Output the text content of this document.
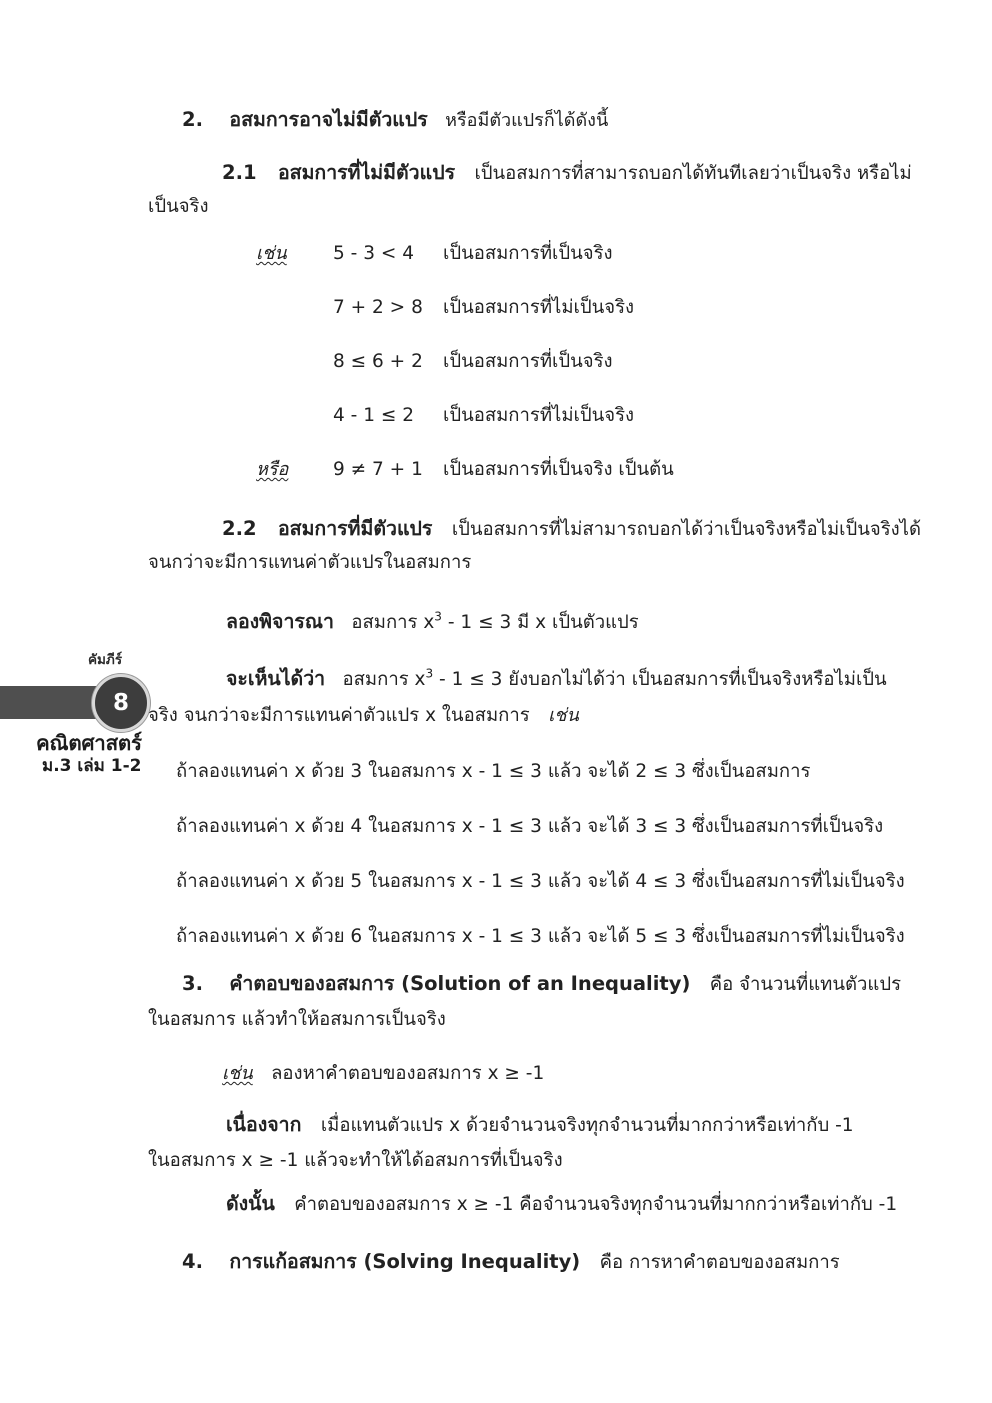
2. อสมการอาจไม่มีตัวแปร หรือมีตัวแปรก็ได้ดังนี้
2.1 อสมการที่ไม่มีตัวแปร เป็นอสมการที่สามารถบอกได้ทันทีเลยว่าเป็นจริง หรือไม่
เป็นจริง
เช่น	5 - 3 < 4 เป็นอสมการที่เป็นจริง
7 + 2 > 8 เป็นอสมการที่ไม่เป็นจริง
8 ≤ 6 + 2 เป็นอสมการที่เป็นจริง
4 - 1 ≤ 2 เป็นอสมการที่ไม่เป็นจริง
หรือ 9 ≠ 7 + 1 เป็นอสมการที่เป็นจริง เป็นต้น
2.2 อสมการที่มีตัวแปร เป็นอสมการที่ไม่สามารถบอกได้ว่าเป็นจริงหรือไม่เป็นจริงได้
จนกว่าจะมีการแทนค่าตัวแปรในอสมการ
ลองพิจารณา อสมการ $x^3 - 1 \le 3$ มี x เป็นตัวแปร
จะเห็นได้ว่า อสมการ $x^3 - 1 \le 3$ ยังบอกไม่ได้ว่า เป็นอสมการที่เป็นจริงหรือไม่เป็น
จริง จนกว่าจะมีการแทนค่าตัวแปร x ในอสมการ เช่น
ถ้าลองแทนค่า x ด้วย 3 ในอสมการ x - 1 ≤ 3 แล้ว จะได้ 2 ≤ 3 ซึ่งเป็นอสมการ
ถ้าลองแทนค่า x ด้วย 4 ในอสมการ x - 1 ≤ 3 แล้ว จะได้ 3 ≤ 3 ซึ่งเป็นอสมการที่เป็นจริง
ถ้าลองแทนค่า x ด้วย 5 ในอสมการ x - 1 ≤ 3 แล้ว จะได้ 4 ≤ 3 ซึ่งเป็นอสมการที่ไม่เป็นจริง
ถ้าลองแทนค่า x ด้วย 6 ในอสมการ x - 1 ≤ 3 แล้ว จะได้ 5 ≤ 3 ซึ่งเป็นอสมการที่ไม่เป็นจริง
3. คำตอบของอสมการ (Solution of an Inequality) คือ จำนวนที่แทนตัวแปร
ในอสมการ แล้วทำให้อสมการเป็นจริง
เช่น ลองหาคำตอบของอสมการ x ≥ -1
เนื่องจาก เมื่อแทนตัวแปร x ด้วยจำนวนจริงทุกจำนวนที่มากกว่าหรือเท่ากับ -1
ในอสมการ x ≥ -1 แล้วจะทำให้ได้อสมการที่เป็นจริง
ดังนั้น คำตอบของอสมการ x ≥ -1 คือจำนวนจริงทุกจำนวนที่มากกว่าหรือเท่ากับ -1
4. การแก้อสมการ (Solving Inequality) คือ การหาคำตอบของอสมการ
คัมภีร์
8
คณิตศาสตร์
ม.3 เล่ม 1-2
